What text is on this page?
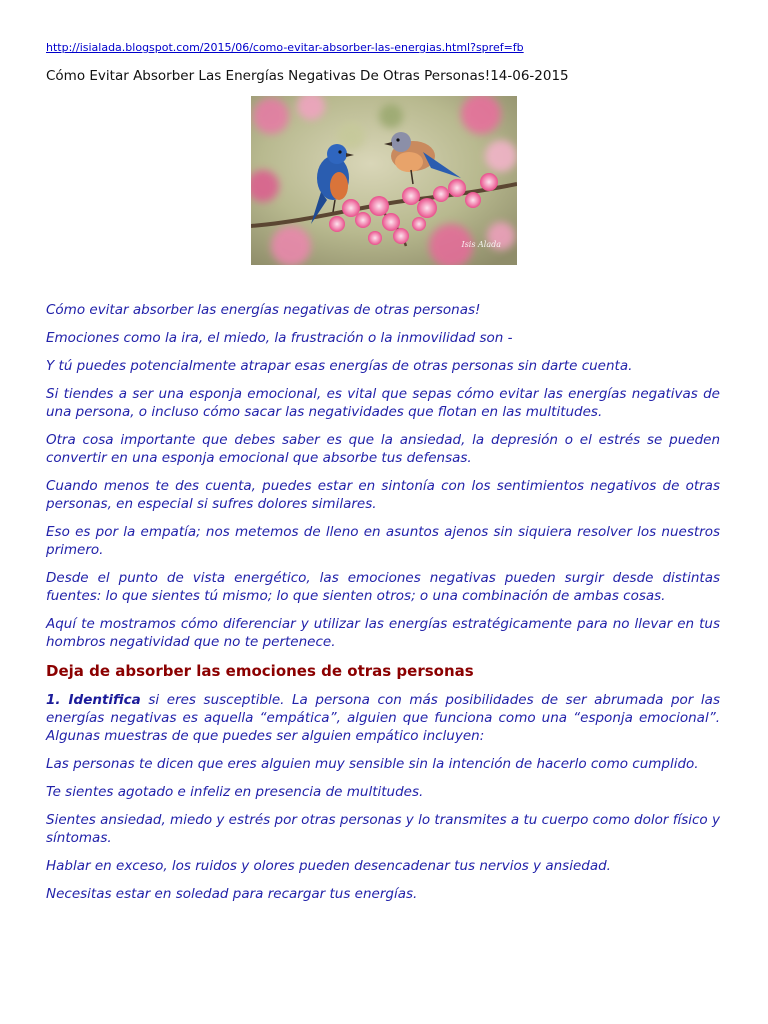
http://isialada.blogspot.com/2015/06/como-evitar-absorber-las-energias.html?spref=fb
Cómo Evitar Absorber Las Energías Negativas De Otras Personas!14-06-2015
Isis Alada

Cómo evitar absorber las energías negativas de otras personas!

Emociones como la ira, el miedo, la frustración o la inmovilidad son -

Y tú puedes potencialmente atrapar esas energías de otras personas sin darte cuenta.

Si tiendes a ser una esponja emocional, es vital que sepas cómo evitar las energías negativas de una persona, o incluso cómo sacar las negatividades que flotan en las multitudes.

Otra cosa importante que debes saber es que la ansiedad, la depresión o el estrés se pueden convertir en una esponja emocional que absorbe tus defensas.

Cuando menos te des cuenta, puedes estar en sintonía con los sentimientos negativos de otras personas, en especial si sufres dolores similares.

Eso es por la empatía; nos metemos de lleno en asuntos ajenos sin siquiera resolver los nuestros primero.

Desde el punto de vista energético, las emociones negativas pueden surgir desde distintas fuentes: lo que sientes tú mismo; lo que sienten otros; o una combinación de ambas cosas.

Aquí te mostramos cómo diferenciar y utilizar las energías estratégicamente para no llevar en tus hombros negatividad que no te pertenece.

Deja de absorber las emociones de otras personas

1. Identifica si eres susceptible. La persona con más posibilidades de ser abrumada por las energías negativas es aquella “empática”, alguien que funciona como una “esponja emocional”. Algunas muestras de que puedes ser alguien empático incluyen:

Las personas te dicen que eres alguien muy sensible sin la intención de hacerlo como cumplido.

Te sientes agotado e infeliz en presencia de multitudes.

Sientes ansiedad, miedo y estrés por otras personas y lo transmites a tu cuerpo como dolor físico y síntomas.

Hablar en exceso, los ruidos y olores pueden desencadenar tus nervios y ansiedad.

Necesitas estar en soledad para recargar tus energías.
